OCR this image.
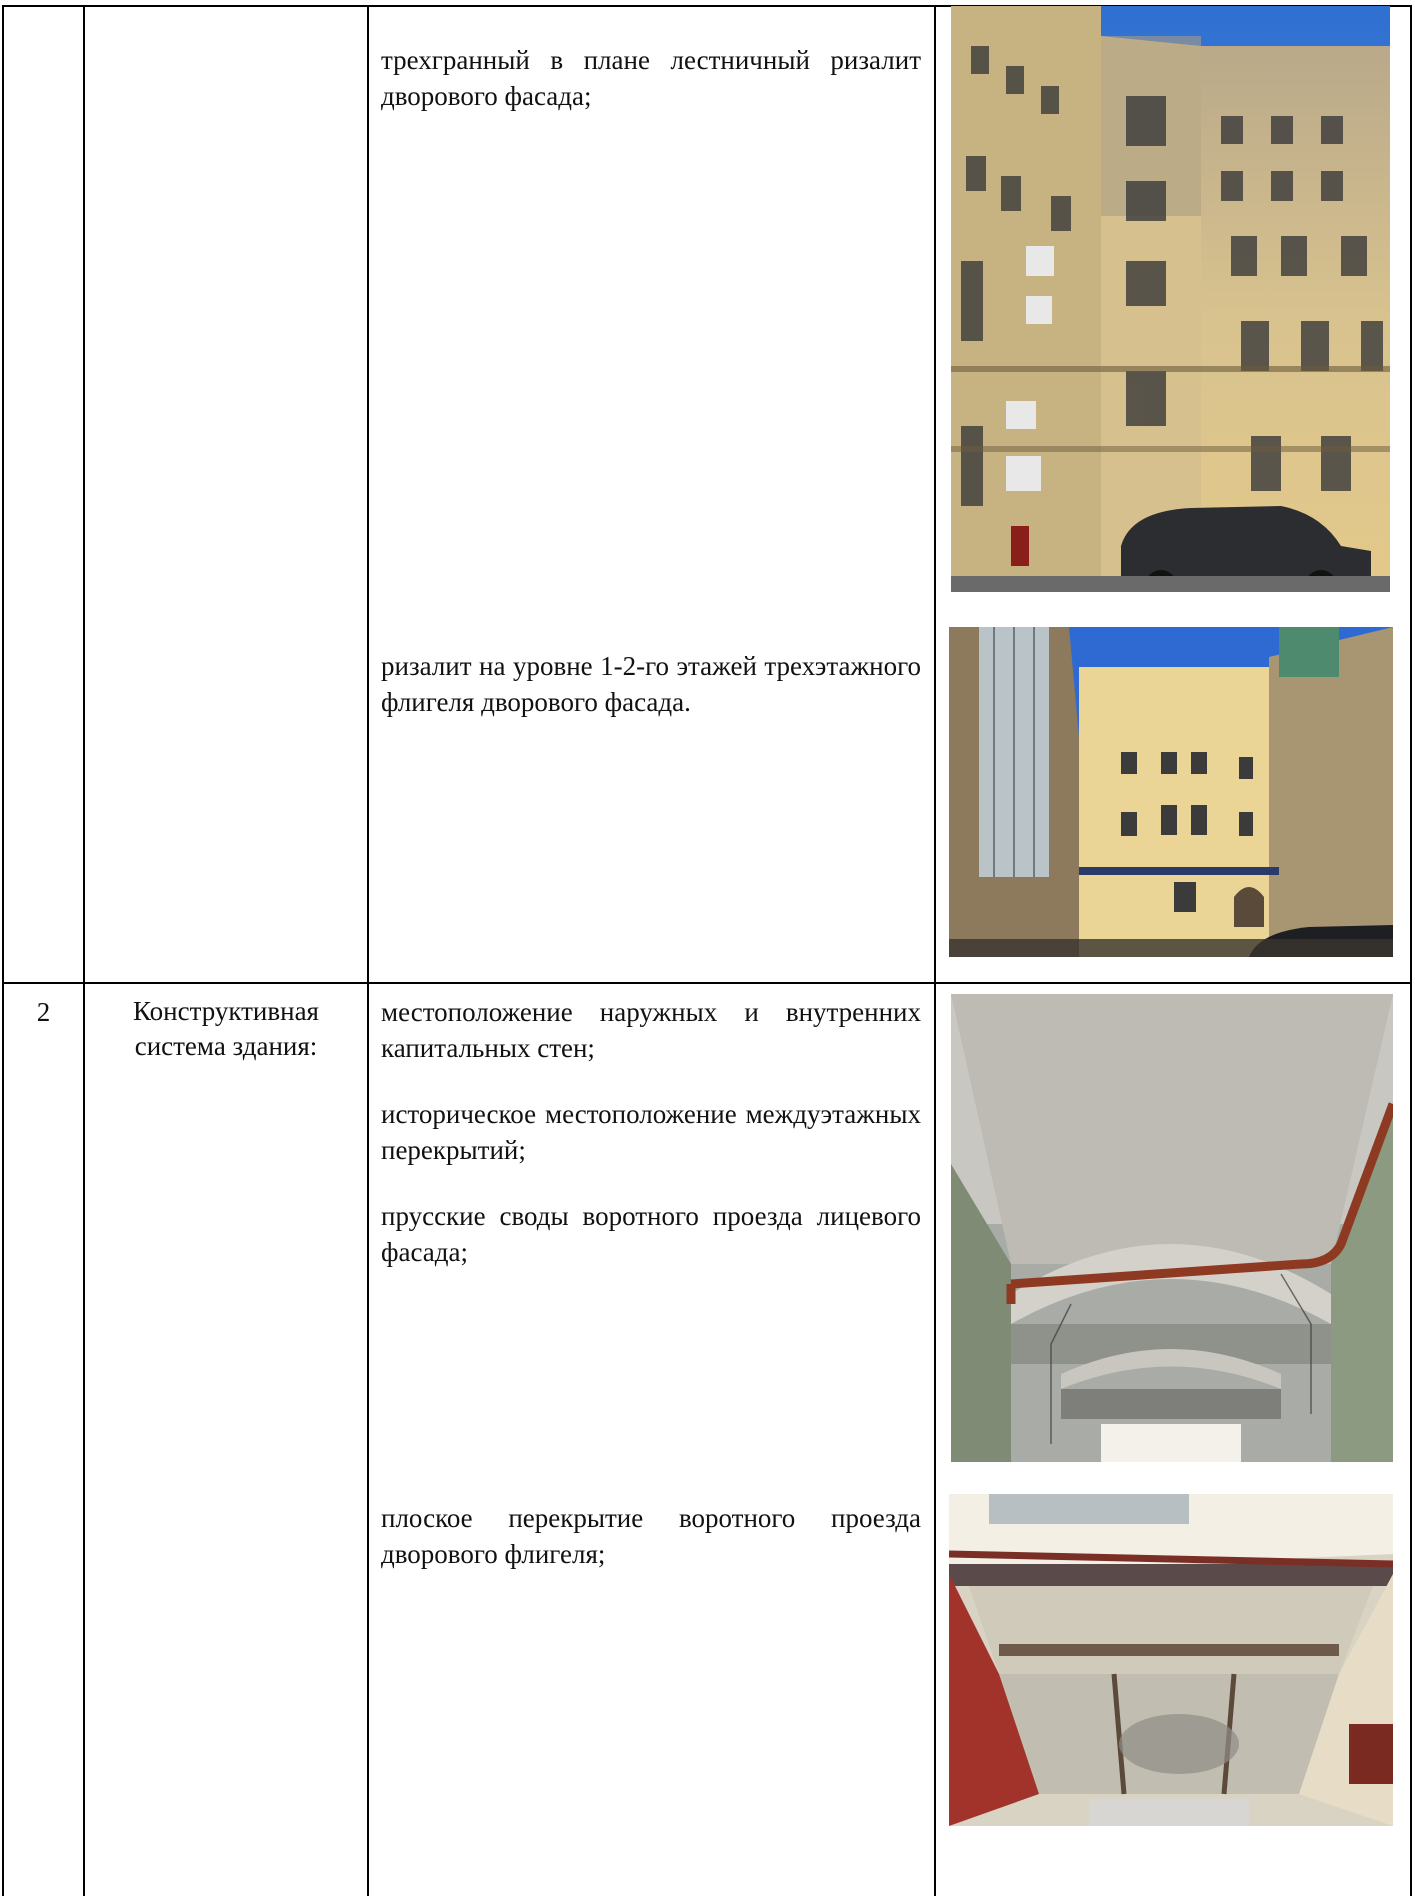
трехгранный в плане лестничный ризалит дворового фасада;
ризалит на уровне 1-2-го этажей трехэтажного флигеля дворового фасада.
2	Конструктивная система здания:
местоположение наружных и внутренних капитальных стен;
историческое местоположение междуэтажных перекрытий;
прусские своды воротного проезда лицевого фасада;
плоское перекрытие воротного проезда дворового флигеля;
